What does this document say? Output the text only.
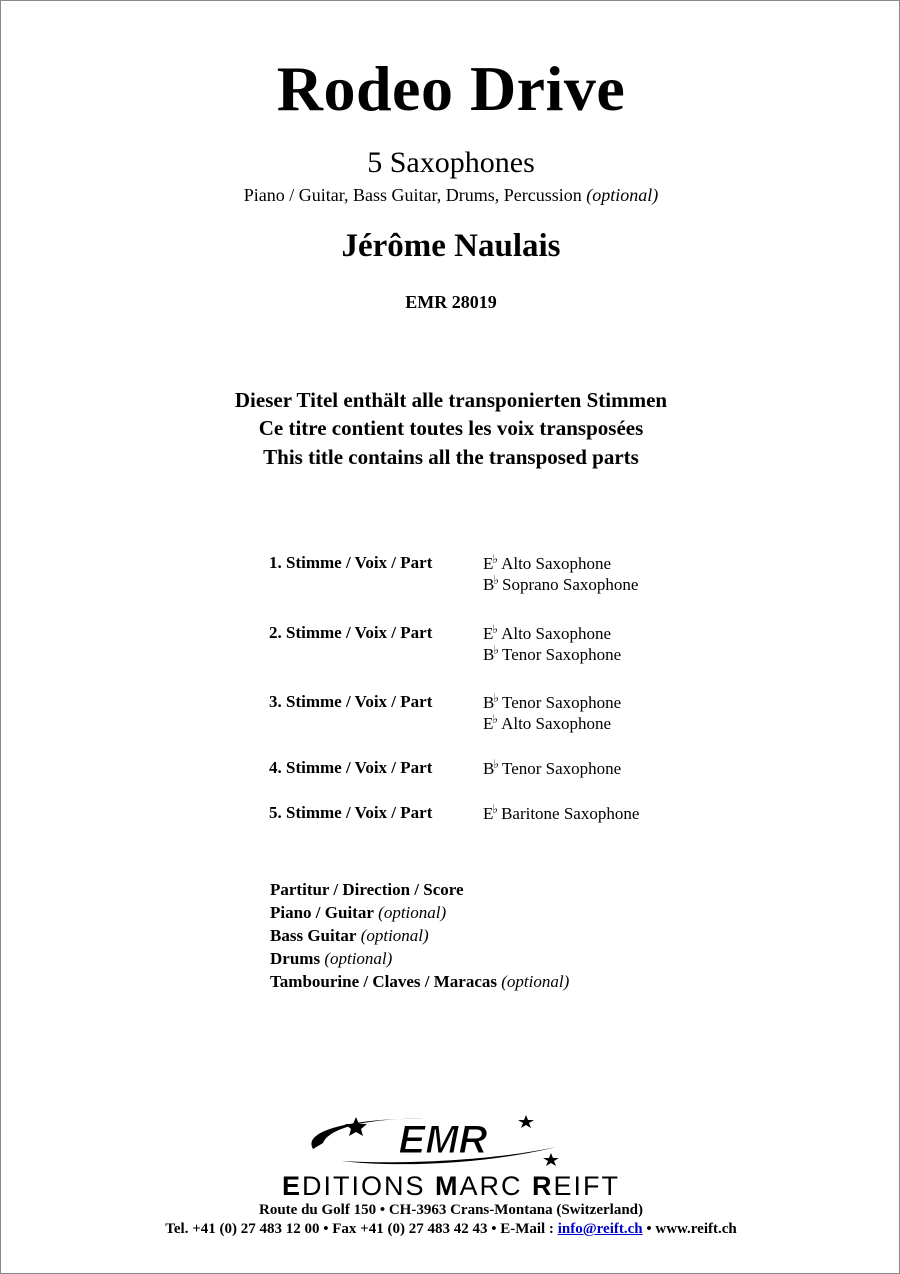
Rodeo Drive
5 Saxophones
Piano / Guitar, Bass Guitar, Drums, Percussion (optional)
Jérôme Naulais
EMR 28019
Dieser Titel enthält alle transponierten Stimmen
Ce titre contient toutes les voix transposées
This title contains all the transposed parts
1. Stimme / Voix / Part	E♭ Alto Saxophone
B♭ Soprano Saxophone
2. Stimme / Voix / Part	E♭ Alto Saxophone
B♭ Tenor Saxophone
3. Stimme / Voix / Part	B♭ Tenor Saxophone
E♭ Alto Saxophone
4. Stimme / Voix / Part	B♭ Tenor Saxophone
5. Stimme / Voix / Part	E♭ Baritone Saxophone
Partitur / Direction / Score
Piano / Guitar (optional)
Bass Guitar (optional)
Drums (optional)
Tambourine / Claves / Maracas (optional)
EMR
EDITIONS MARC REIFT
Route du Golf 150 • CH-3963 Crans-Montana (Switzerland)
Tel. +41 (0) 27 483 12 00 • Fax +41 (0) 27 483 42 43 • E-Mail : info@reift.ch • www.reift.ch
